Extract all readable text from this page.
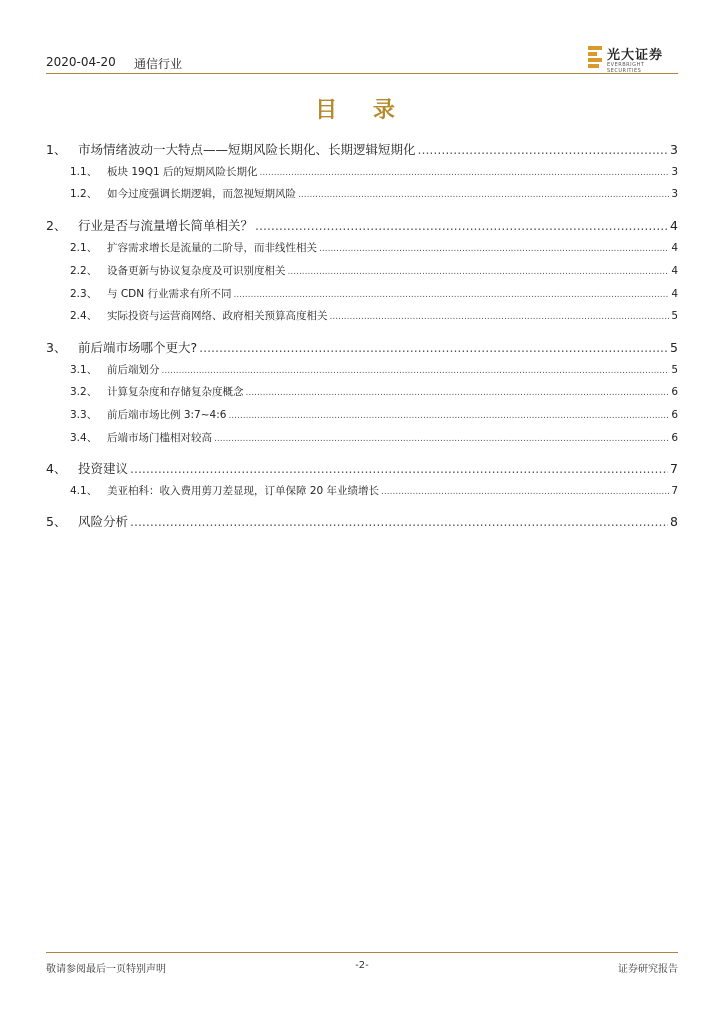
2020-04-20 通信行业
光大证券
EVERBRIGHT SECURITIES
目 录
1、 市场情绪波动一大特点——短期风险长期化、长期逻辑短期化 .....	3
1.1、 板块 19Q1 后的短期风险长期化 .....	3
1.2、 如今过度强调长期逻辑，而忽视短期风险 .....	3
2、 行业是否与流量增长简单相关？ .....	4
2.1、 扩容需求增长是流量的二阶导，而非线性相关 .....	4
2.2、 设备更新与协议复杂度及可识别度相关 .....	4
2.3、 与 CDN 行业需求有所不同 .....	4
2.4、 实际投资与运营商网络、政府相关预算高度相关 .....	5
3、 前后端市场哪个更大? .....	5
3.1、 前后端划分 .....	5
3.2、 计算复杂度和存储复杂度概念 .....	6
3.3、 前后端市场比例 3:7~4:6 .....	6
3.4、 后端市场门槛相对较高 .....	6
4、 投资建议 .....	7
4.1、 美亚柏科：收入费用剪刀差显现，订单保障 20 年业绩增长 .....	7
5、 风险分析 .....	8
敬请参阅最后一页特别声明	-2-	证券研究报告
